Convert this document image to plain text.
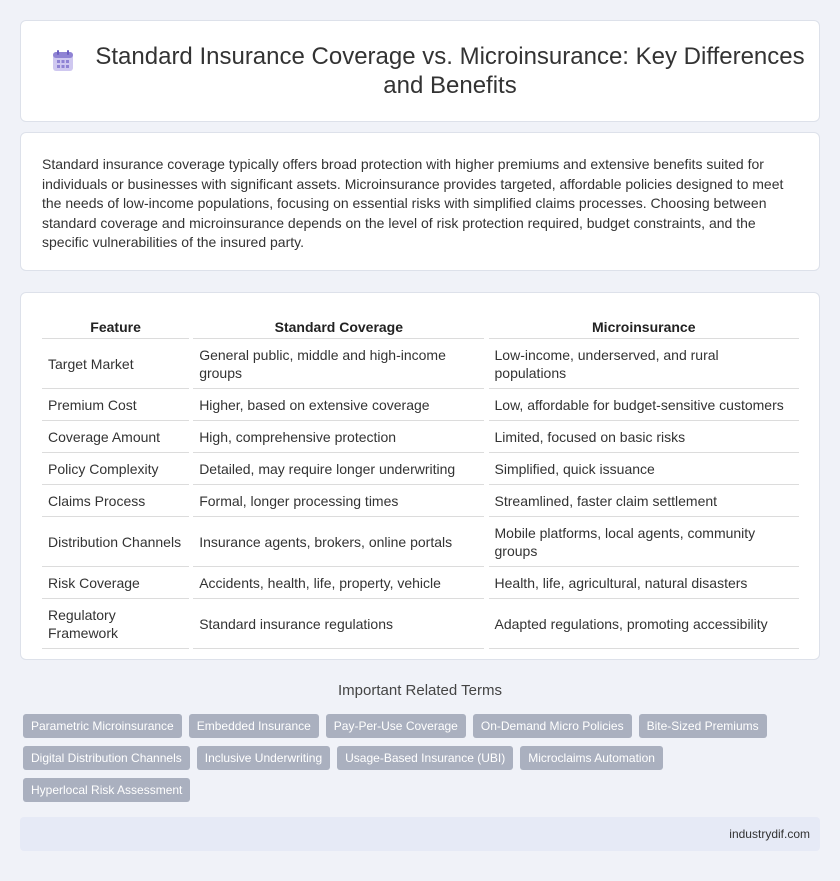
Standard Insurance Coverage vs. Microinsurance: Key Differences and Benefits

Standard insurance coverage typically offers broad protection with higher premiums and extensive benefits suited for individuals or businesses with significant assets. Microinsurance provides targeted, affordable policies designed to meet the needs of low-income populations, focusing on essential risks with simplified claims processes. Choosing between standard coverage and microinsurance depends on the level of risk protection required, budget constraints, and the specific vulnerabilities of the insured party.

Feature		Standard Coverage		Microinsurance
Target Market		General public, middle and high-income groups		Low-income, underserved, and rural populations
Premium Cost		Higher, based on extensive coverage		Low, affordable for budget-sensitive customers
Coverage Amount		High, comprehensive protection		Limited, focused on basic risks
Policy Complexity		Detailed, may require longer underwriting		Simplified, quick issuance
Claims Process		Formal, longer processing times		Streamlined, faster claim settlement
Distribution Channels		Insurance agents, brokers, online portals		Mobile platforms, local agents, community groups
Risk Coverage		Accidents, health, life, property, vehicle		Health, life, agricultural, natural disasters
Regulatory Framework		Standard insurance regulations		Adapted regulations, promoting accessibility
Important Related Terms
Parametric Microinsurance	Embedded Insurance	Pay-Per-Use Coverage	On-Demand Micro Policies	Bite-Sized Premiums
Digital Distribution Channels	Inclusive Underwriting	Usage-Based Insurance (UBI)	Microclaims Automation
Hyperlocal Risk Assessment
industrydif.com
